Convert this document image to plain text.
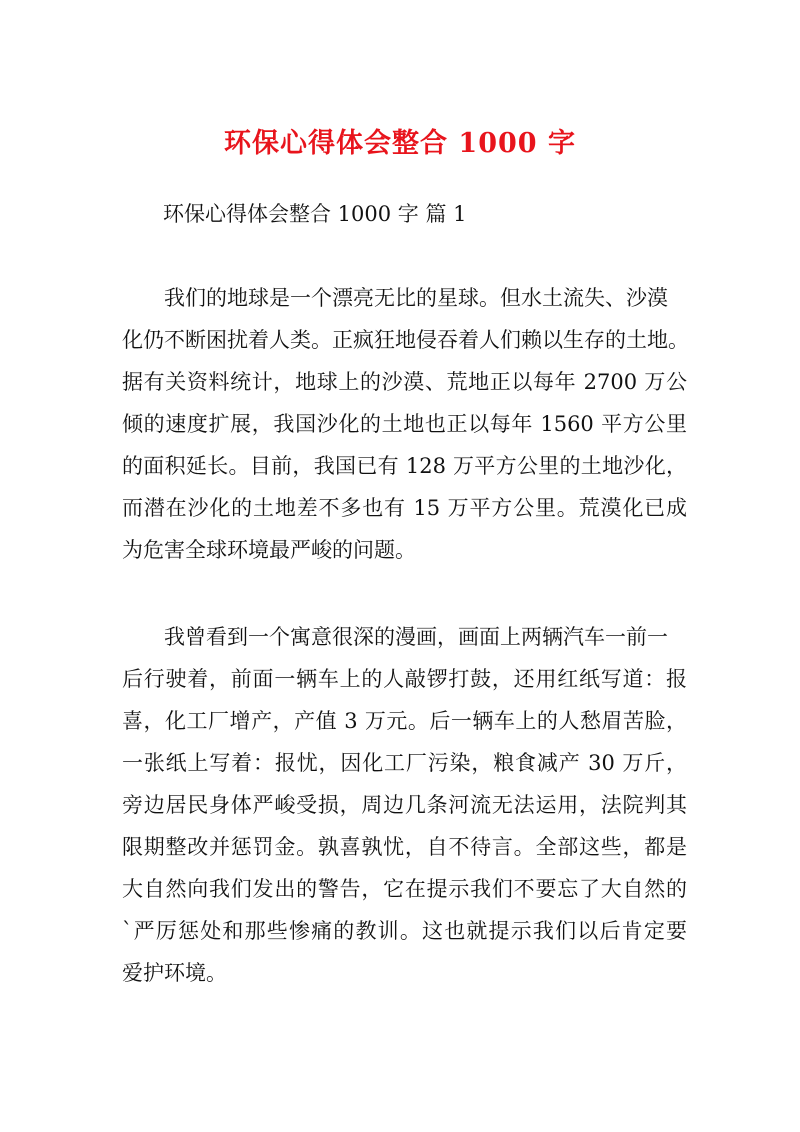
环保心得体会整合 1000 字
环保心得体会整合 1000 字 篇 1
我们的地球是一个漂亮无比的星球。但水土流失、沙漠
化仍不断困扰着人类。正疯狂地侵吞着人们赖以生存的土地。
据有关资料统计，地球上的沙漠、荒地正以每年 2700 万公
倾的速度扩展，我国沙化的土地也正以每年 1560 平方公里
的面积延长。目前，我国已有 128 万平方公里的土地沙化，
而潜在沙化的土地差不多也有 15 万平方公里。荒漠化已成
为危害全球环境最严峻的问题。
我曾看到一个寓意很深的漫画，画面上两辆汽车一前一
后行驶着，前面一辆车上的人敲锣打鼓，还用红纸写道：报
喜，化工厂增产，产值 3 万元。后一辆车上的人愁眉苦脸，
一张纸上写着：报忧，因化工厂污染，粮食减产 30 万斤，
旁边居民身体严峻受损，周边几条河流无法运用，法院判其
限期整改并惩罚金。孰喜孰忧，自不待言。全部这些，都是
大自然向我们发出的警告，它在提示我们不要忘了大自然的
`严厉惩处和那些惨痛的教训。这也就提示我们以后肯定要
爱护环境。
